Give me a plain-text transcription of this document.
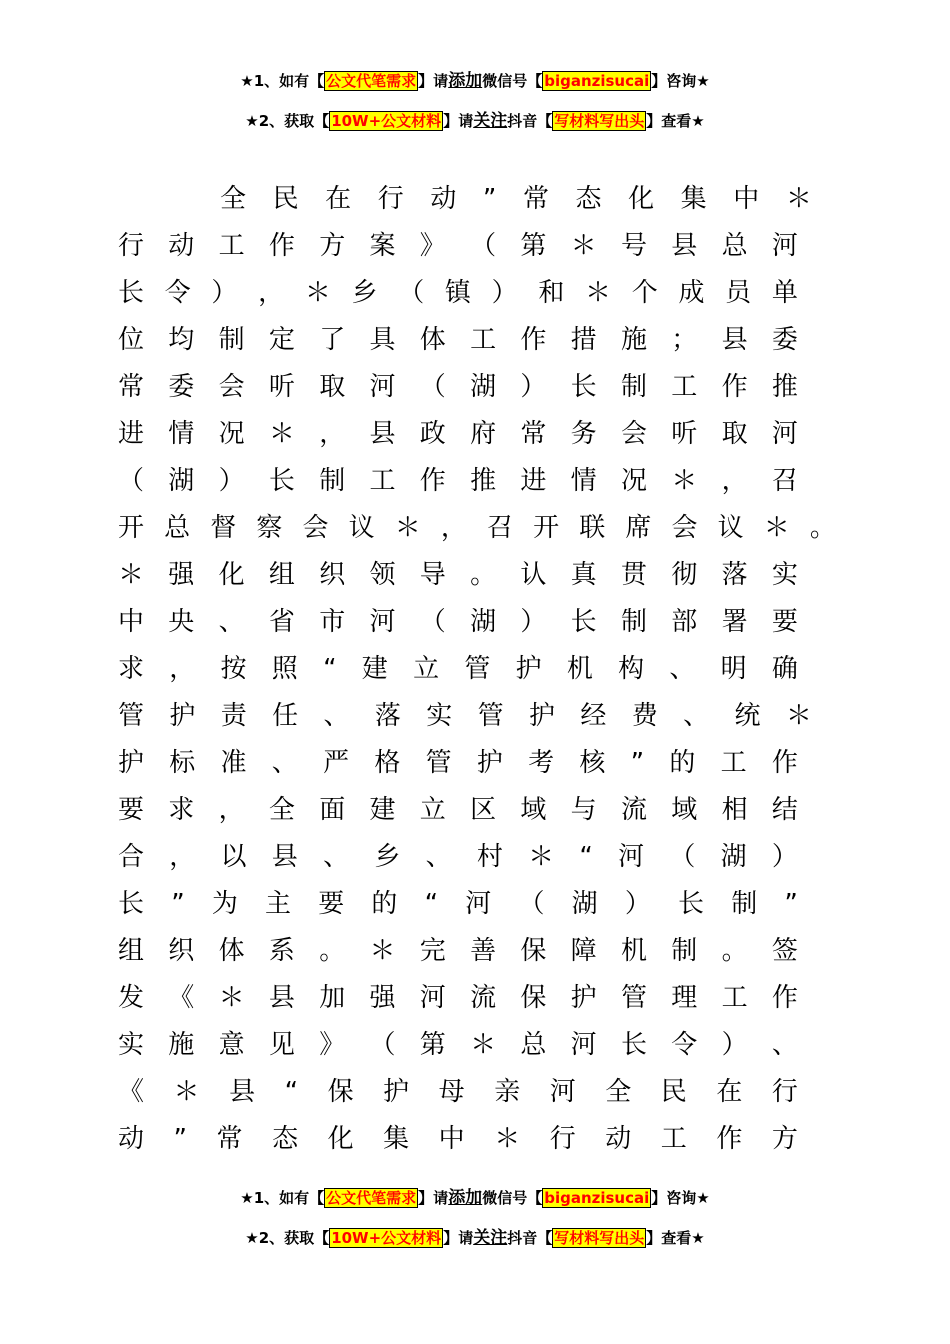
★1、如有【 公文代笔需求 】请添加微信号【 biganzisucai 】咨询★
★2、获取【 10W+公文材料 】请关注抖音【 写材料写出头 】查看★
全 民 在 行 动 ” 常 态 化 集 中 ＊
行 动 工 作 方 案 》 （ 第 ＊ 号 县 总 河
长 令 ） ， ＊ 乡 （ 镇 ） 和 ＊ 个 成 员 单
位 均 制 定 了 具 体 工 作 措 施 ； 县 委
常 委 会 听 取 河 （ 湖 ） 长 制 工 作 推
进 情 况 ＊ ， 县 政 府 常 务 会 听 取 河
（ 湖 ） 长 制 工 作 推 进 情 况 ＊ ， 召
开 总 督 察 会 议 ＊ ， 召 开 联 席 会 议 ＊ 。
＊ 强 化 组 织 领 导 。 认 真 贯 彻 落 实
中 央 、 省 市 河 （ 湖 ） 长 制 部 署 要
求 ， 按 照 “ 建 立 管 护 机 构 、 明 确
管 护 责 任 、 落 实 管 护 经 费 、 统 ＊
护 标 准 、 严 格 管 护 考 核 ” 的 工 作
要 求 ， 全 面 建 立 区 域 与 流 域 相 结
合 ， 以 县 、 乡 、 村 ＊ “ 河 （ 湖 ）
长 ” 为 主 要 的 “ 河 （ 湖 ） 长 制 ”
组 织 体 系 。 ＊ 完 善 保 障 机 制 。 签
发 《 ＊ 县 加 强 河 流 保 护 管 理 工 作
实 施 意 见 》 （ 第 ＊ 总 河 长 令 ） 、
《 ＊ 县 “ 保 护 母 亲 河 全 民 在 行
动 ” 常 态 化 集 中 ＊ 行 动 工 作 方
★1、如有【 公文代笔需求 】请添加微信号【 biganzisucai 】咨询★
★2、获取【 10W+公文材料 】请关注抖音【 写材料写出头 】查看★
